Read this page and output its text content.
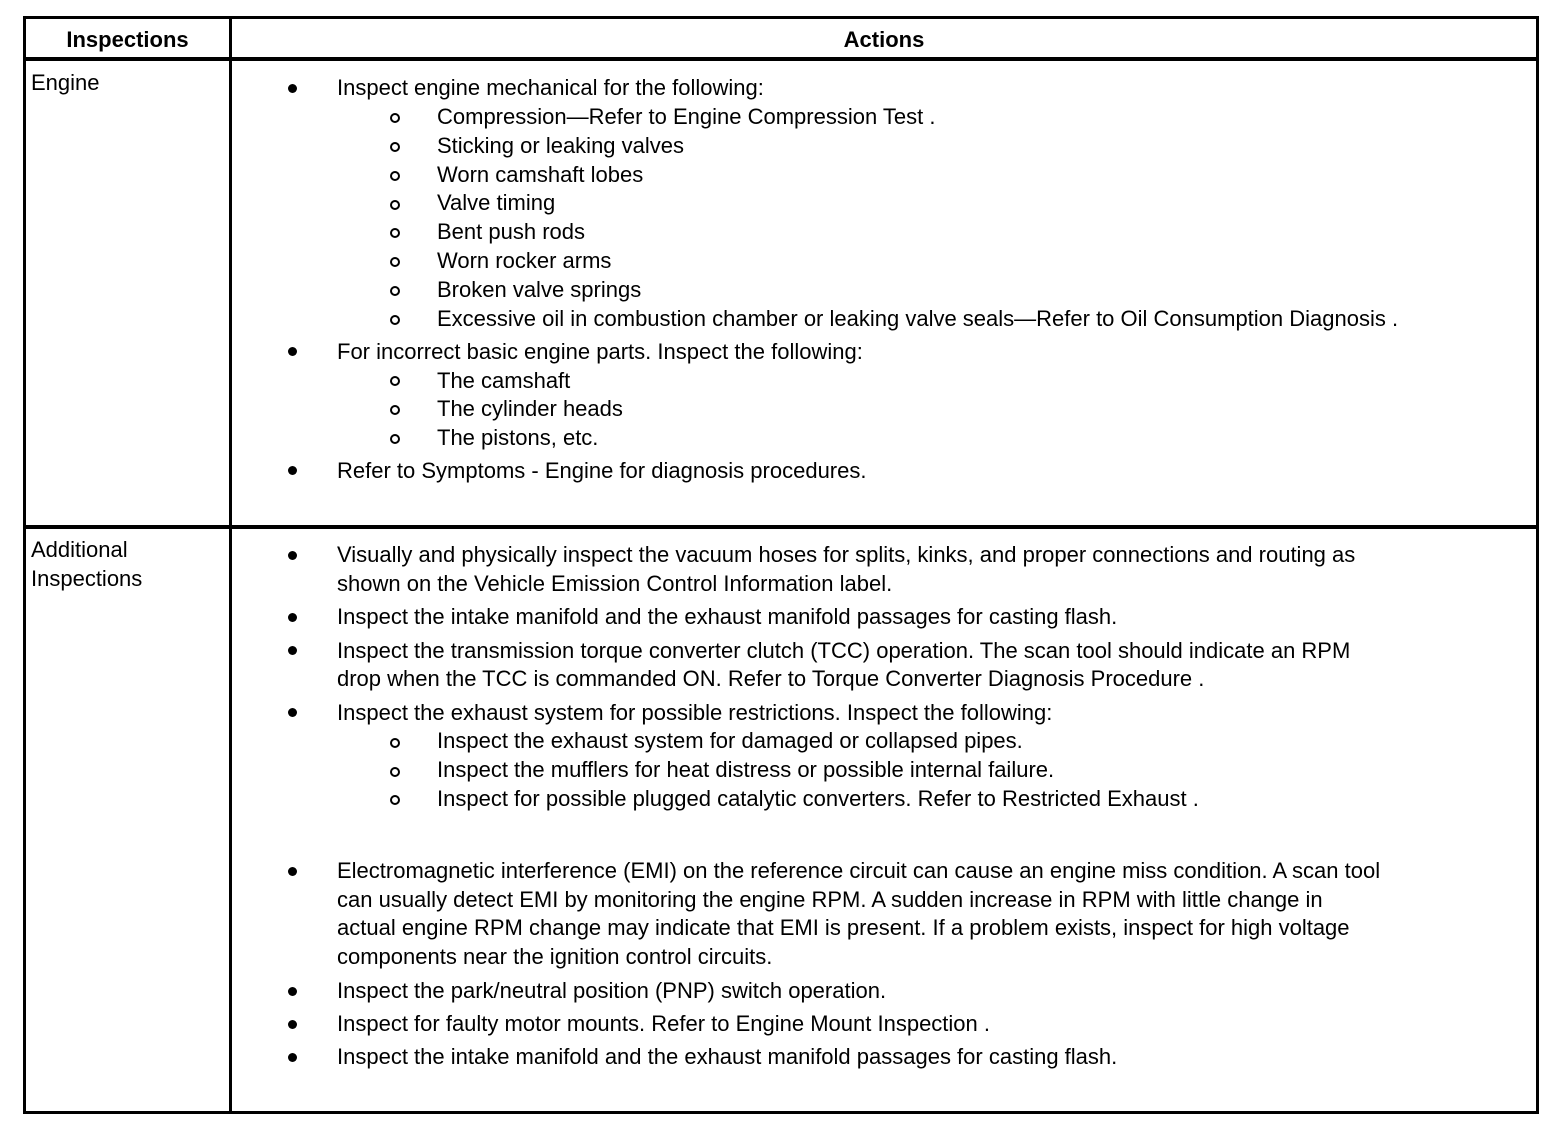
Inspections	Actions
Engine	Inspect engine mechanical for the following:
Compression—Refer to Engine Compression Test .
Sticking or leaking valves
Worn camshaft lobes
Valve timing
Bent push rods
Worn rocker arms
Broken valve springs
Excessive oil in combustion chamber or leaking valve seals—Refer to Oil Consumption Diagnosis .
For incorrect basic engine parts. Inspect the following:
The camshaft
The cylinder heads
The pistons, etc.
Refer to Symptoms - Engine for diagnosis procedures.
Additional
Inspections
Visually and physically inspect the vacuum hoses for splits, kinks, and proper connections and routing as
shown on the Vehicle Emission Control Information label.
Inspect the intake manifold and the exhaust manifold passages for casting flash.
Inspect the transmission torque converter clutch (TCC) operation. The scan tool should indicate an RPM
drop when the TCC is commanded ON. Refer to Torque Converter Diagnosis Procedure .
Inspect the exhaust system for possible restrictions. Inspect the following:
Inspect the exhaust system for damaged or collapsed pipes.
Inspect the mufflers for heat distress or possible internal failure.
Inspect for possible plugged catalytic converters. Refer to Restricted Exhaust .
Electromagnetic interference (EMI) on the reference circuit can cause an engine miss condition. A scan tool
can usually detect EMI by monitoring the engine RPM. A sudden increase in RPM with little change in
actual engine RPM change may indicate that EMI is present. If a problem exists, inspect for high voltage
components near the ignition control circuits.
Inspect the park/neutral position (PNP) switch operation.
Inspect for faulty motor mounts. Refer to Engine Mount Inspection .
Inspect the intake manifold and the exhaust manifold passages for casting flash.
